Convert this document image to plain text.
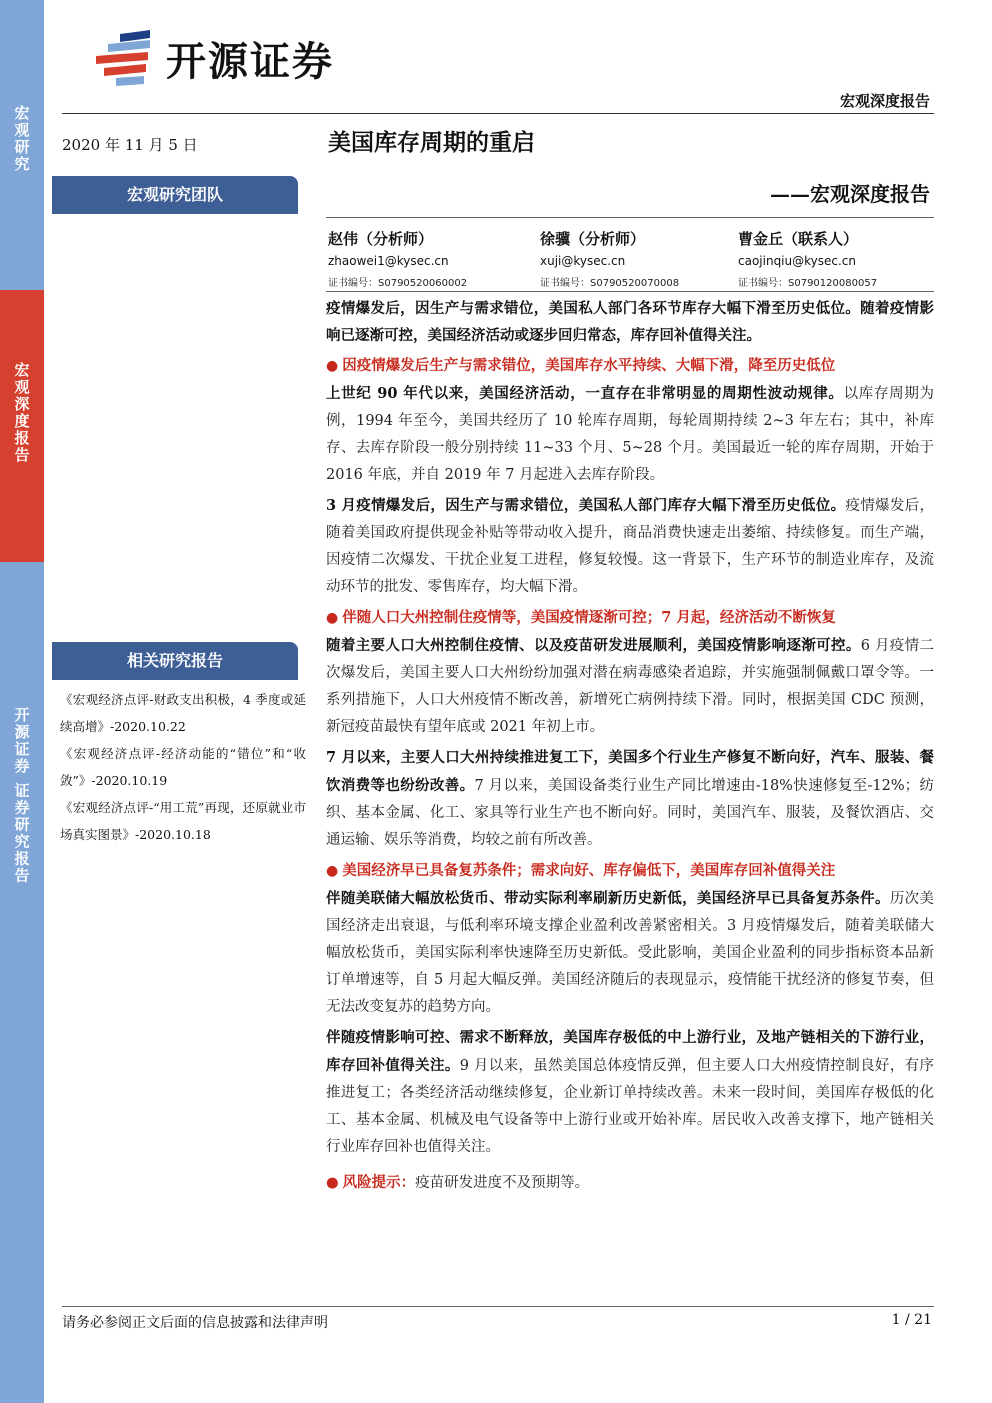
宏观研究
宏观深度报告
开源证券 证券研究报告
开源证券
宏观深度报告
2020 年 11 月 5 日	美国库存周期的重启
——宏观深度报告
宏观研究团队
赵伟（分析师）
zhaowei1@kysec.cn
证书编号：S0790520060002
徐骥（分析师）
xuji@kysec.cn
证书编号：S0790520070008
曹金丘（联系人）
caojinqiu@kysec.cn
证书编号：S0790120080057
相关研究报告

《宏观经济点评-财政支出积极，4 季度或延续高增》-2020.10.22

《宏观经济点评-经济动能的“错位”和“收敛”》-2020.10.19

《宏观经济点评-“用工荒”再现，还原就业市场真实图景》-2020.10.18

疫情爆发后，因生产与需求错位，美国私人部门各环节库存大幅下滑至历史低位。随着疫情影响已逐渐可控，美国经济活动或逐步回归常态，库存回补值得关注。

● 因疫情爆发后生产与需求错位，美国库存水平持续、大幅下滑，降至历史低位

上世纪 90 年代以来，美国经济活动，一直存在非常明显的周期性波动规律。以库存周期为例，1994 年至今，美国共经历了 10 轮库存周期，每轮周期持续 2~3 年左右；其中，补库存、去库存阶段一般分别持续 11~33 个月、5~28 个月。美国最近一轮的库存周期，开始于 2016 年底，并自 2019 年 7 月起进入去库存阶段。

3 月疫情爆发后，因生产与需求错位，美国私人部门库存大幅下滑至历史低位。疫情爆发后，随着美国政府提供现金补贴等带动收入提升，商品消费快速走出萎缩、持续修复。而生产端，因疫情二次爆发、干扰企业复工进程，修复较慢。这一背景下，生产环节的制造业库存，及流动环节的批发、零售库存，均大幅下滑。

● 伴随人口大州控制住疫情等，美国疫情逐渐可控；7 月起，经济活动不断恢复

随着主要人口大州控制住疫情、以及疫苗研发进展顺利，美国疫情影响逐渐可控。6 月疫情二次爆发后，美国主要人口大州纷纷加强对潜在病毒感染者追踪，并实施强制佩戴口罩令等。一系列措施下，人口大州疫情不断改善，新增死亡病例持续下滑。同时，根据美国 CDC 预测，新冠疫苗最快有望年底或 2021 年初上市。

7 月以来，主要人口大州持续推进复工下，美国多个行业生产修复不断向好，汽车、服装、餐饮消费等也纷纷改善。7 月以来，美国设备类行业生产同比增速由-18%快速修复至-12%；纺织、基本金属、化工、家具等行业生产也不断向好。同时，美国汽车、服装，及餐饮酒店、交通运输、娱乐等消费，均较之前有所改善。

● 美国经济早已具备复苏条件；需求向好、库存偏低下，美国库存回补值得关注

伴随美联储大幅放松货币、带动实际利率刷新历史新低，美国经济早已具备复苏条件。历次美国经济走出衰退，与低利率环境支撑企业盈利改善紧密相关。3 月疫情爆发后，随着美联储大幅放松货币，美国实际利率快速降至历史新低。受此影响，美国企业盈利的同步指标资本品新订单增速等，自 5 月起大幅反弹。美国经济随后的表现显示，疫情能干扰经济的修复节奏，但无法改变复苏的趋势方向。

伴随疫情影响可控、需求不断释放，美国库存极低的中上游行业，及地产链相关的下游行业，库存回补值得关注。9 月以来，虽然美国总体疫情反弹，但主要人口大州疫情控制良好，有序推进复工；各类经济活动继续修复，企业新订单持续改善。未来一段时间，美国库存极低的化工、基本金属、机械及电气设备等中上游行业或开始补库。居民收入改善支撑下，地产链相关行业库存回补也值得关注。

● 风险提示：疫苗研发进度不及预期等。

请务必参阅正文后面的信息披露和法律声明	1 / 21
